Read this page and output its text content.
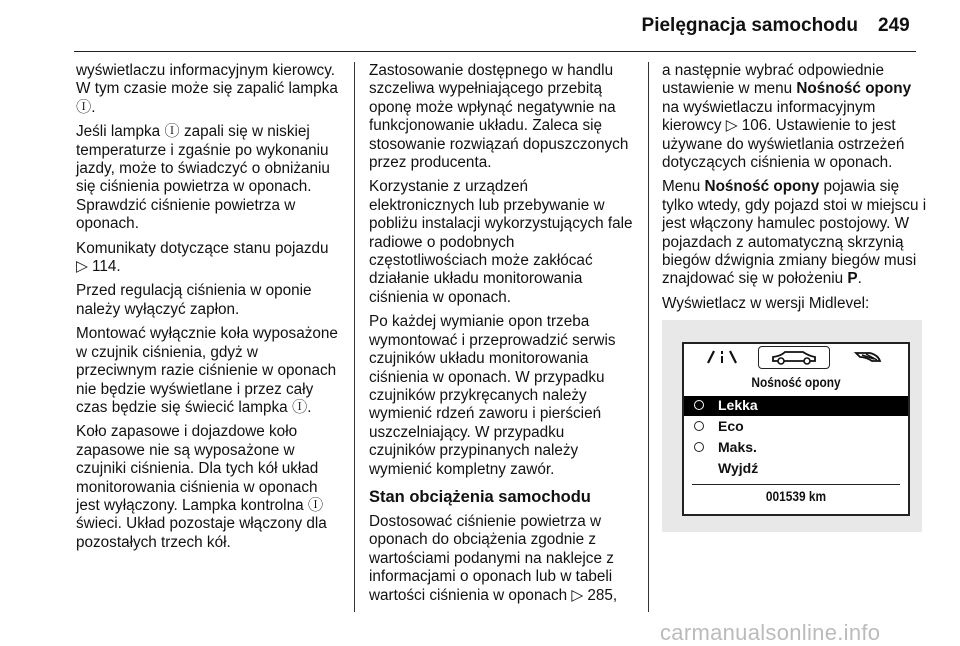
Pielęgnacja samochodu 249

wyświetlaczu informacyjnym kierowcy. W tym czasie może się zapalić lampka Ⓘ.

Jeśli lampka Ⓘ zapali się w niskiej temperaturze i zgaśnie po wykonaniu jazdy, może to świadczyć o obniżaniu się ciśnienia powietrza w oponach. Sprawdzić ciśnienie powietrza w oponach.

Komunikaty dotyczące stanu pojazdu ▷ 114.

Przed regulacją ciśnienia w oponie należy wyłączyć zapłon.

Montować wyłącznie koła wyposażone w czujnik ciśnienia, gdyż w przeciwnym razie ciśnienie w oponach nie będzie wyświetlane i przez cały czas będzie się świecić lampka Ⓘ.

Koło zapasowe i dojazdowe koło zapasowe nie są wyposażone w czujniki ciśnienia. Dla tych kół układ monitorowania ciśnienia w oponach jest wyłączony. Lampka kontrolna Ⓘ świeci. Układ pozostaje włączony dla pozostałych trzech kół.

Zastosowanie dostępnego w handlu szczeliwa wypełniającego przebitą oponę może wpłynąć negatywnie na funkcjonowanie układu. Zaleca się stosowanie rozwiązań dopuszczonych przez producenta.

Korzystanie z urządzeń elektronicznych lub przebywanie w pobliżu instalacji wykorzystujących fale radiowe o podobnych częstotliwościach może zakłócać działanie układu monitorowania ciśnienia w oponach.

Po każdej wymianie opon trzeba wymontować i przeprowadzić serwis czujników układu monitorowania ciśnienia w oponach. W przypadku czujników przykręcanych należy wymienić rdzeń zaworu i pierścień uszczelniający. W przypadku czujników przypinanych należy wymienić kompletny zawór.

Stan obciążenia samochodu

Dostosować ciśnienie powietrza w oponach do obciążenia zgodnie z wartościami podanymi na naklejce z informacjami o oponach lub w tabeli wartości ciśnienia w oponach ▷ 285,

a następnie wybrać odpowiednie ustawienie w menu Nośność opony na wyświetlaczu informacyjnym kierowcy ▷ 106. Ustawienie to jest używane do wyświetlania ostrzeżeń dotyczących ciśnienia w oponach.

Menu Nośność opony pojawia się tylko wtedy, gdy pojazd stoi w miejscu i jest włączony hamulec postojowy. W pojazdach z automatyczną skrzynią biegów dźwignia zmiany biegów musi znajdować się w położeniu P.

Wyświetlacz w wersji Midlevel:

Nośność opony
Lekka
Eco
Maks.
Wyjdź
001539 km
carmanualsonline.info
